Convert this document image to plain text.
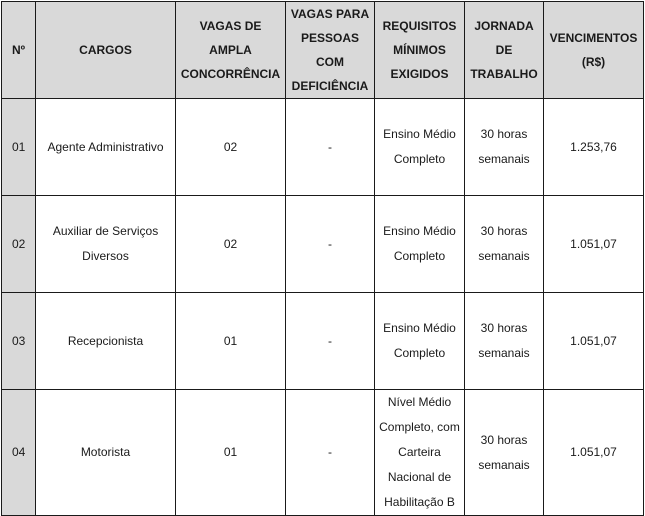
Nº	CARGOS	VAGAS DE AMPLA CONCORRÊNCIA	VAGAS PARA PESSOAS COM DEFICIÊNCIA	REQUISITOS MÍNIMOS EXIGIDOS	JORNADA DE TRABALHO	VENCIMENTOS (R$)
01	Agente Administrativo	02	-	Ensino Médio Completo	30 horas semanais	1.253,76
02	Auxiliar de Serviços Diversos	02	-	Ensino Médio Completo	30 horas semanais	1.051,07
03	Recepcionista	01	-	Ensino Médio Completo	30 horas semanais	1.051,07
04	Motorista	01	-	Nível Médio Completo, com Carteira Nacional de Habilitação B	30 horas semanais	1.051,07
